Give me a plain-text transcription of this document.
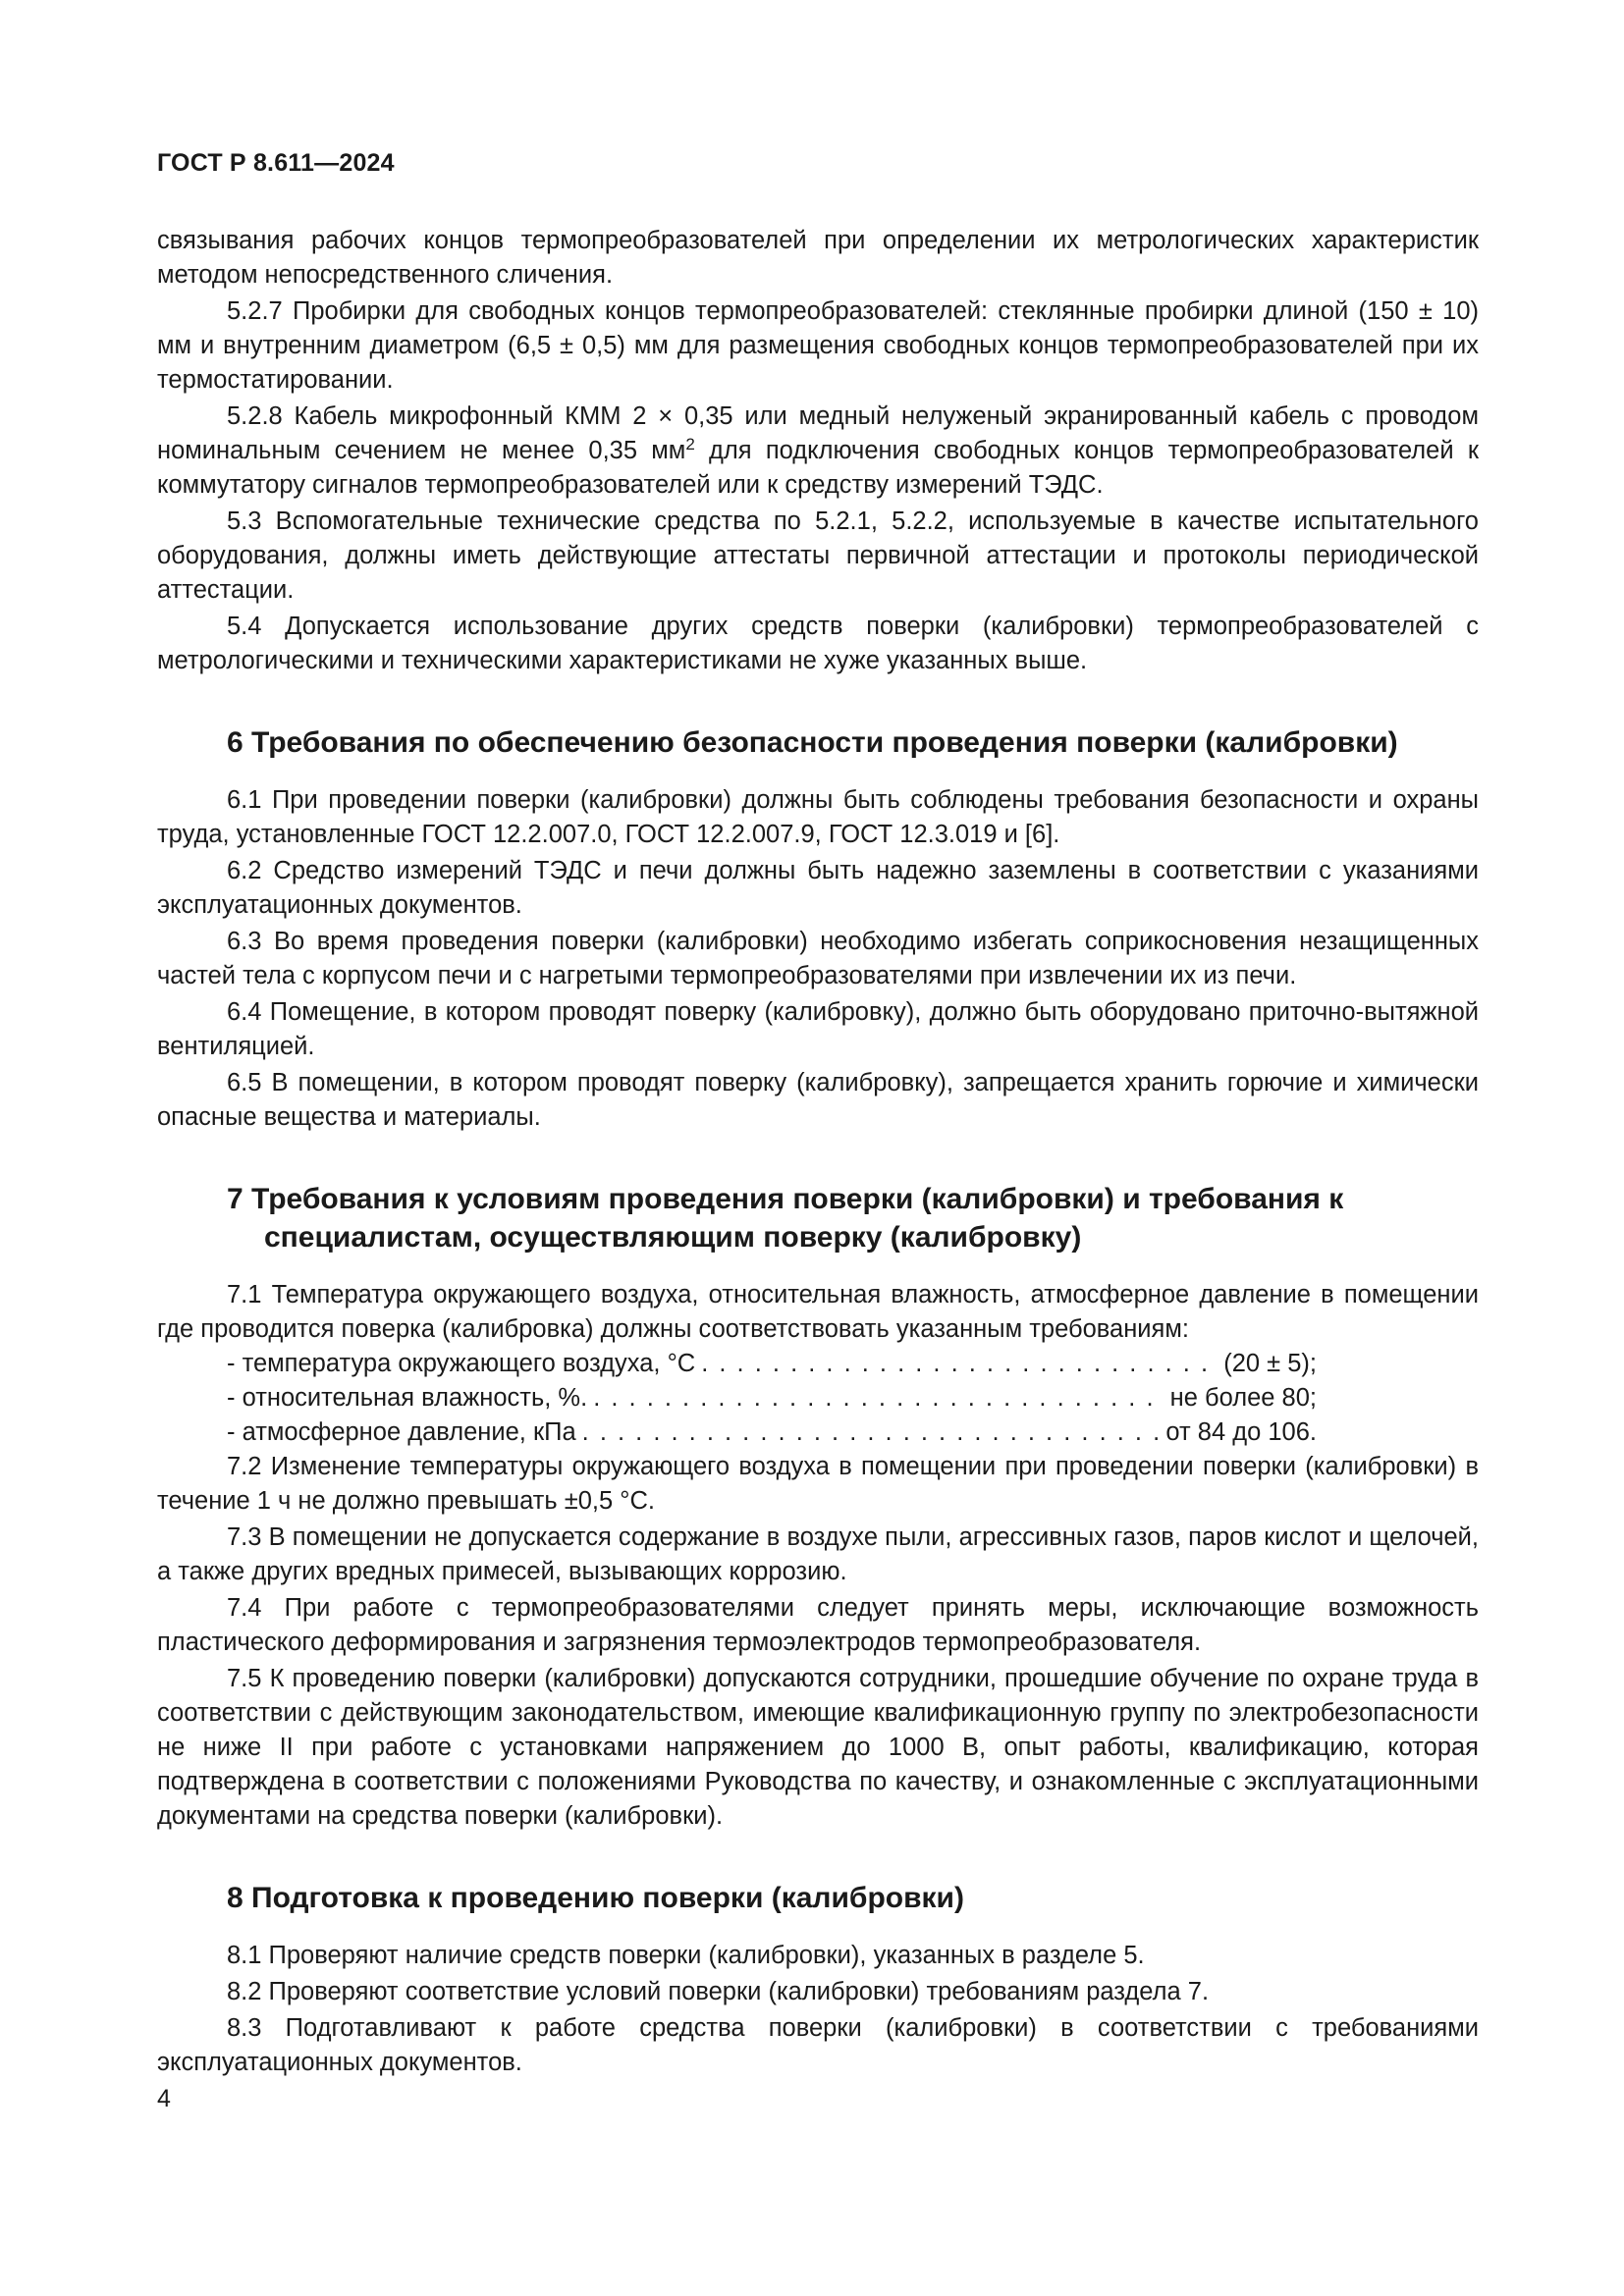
ГОСТ Р 8.611—2024

связывания рабочих концов термопреобразователей при определении их метрологических характеристик методом непосредственного сличения.

5.2.7 Пробирки для свободных концов термопреобразователей: стеклянные пробирки длиной (150 ± 10) мм и внутренним диаметром (6,5 ± 0,5) мм для размещения свободных концов термопреобразователей при их термостатировании.

5.2.8 Кабель микрофонный КММ 2 × 0,35 или медный нелуженый экранированный кабель с проводом номинальным сечением не менее 0,35 $мм^2$ для подключения свободных концов термопреобразователей к коммутатору сигналов термопреобразователей или к средству измерений ТЭДС.

5.3 Вспомогательные технические средства по 5.2.1, 5.2.2, используемые в качестве испытательного оборудования, должны иметь действующие аттестаты первичной аттестации и протоколы периодической аттестации.

5.4 Допускается использование других средств поверки (калибровки) термопреобразователей с метрологическими и техническими характеристиками не хуже указанных выше.

6 Требования по обеспечению безопасности проведения поверки (калибровки)

6.1 При проведении поверки (калибровки) должны быть соблюдены требования безопасности и охраны труда, установленные ГОСТ 12.2.007.0, ГОСТ 12.2.007.9, ГОСТ 12.3.019 и [6].

6.2 Средство измерений ТЭДС и печи должны быть надежно заземлены в соответствии с указаниями эксплуатационных документов.

6.3 Во время проведения поверки (калибровки) необходимо избегать соприкосновения незащищенных частей тела с корпусом печи и с нагретыми термопреобразователями при извлечении их из печи.

6.4 Помещение, в котором проводят поверку (калибровку), должно быть оборудовано приточно-вытяжной вентиляцией.

6.5 В помещении, в котором проводят поверку (калибровку), запрещается хранить горючие и химически опасные вещества и материалы.

7 Требования к условиям проведения поверки (калибровки) и требования к специалистам, осуществляющим поверку (калибровку)

7.1 Температура окружающего воздуха, относительная влажность, атмосферное давление в помещении где проводится поверка (калибровка) должны соответствовать указанным требованиям:

- температура окружающего воздуха, °С . . .	(20 ± 5);
- относительная влажность, %. . . .	не более 80;
- атмосферное давление, кПа . . .	от 84 до 106.

7.2 Изменение температуры окружающего воздуха в помещении при проведении поверки (калибровки) в течение 1 ч не должно превышать ±0,5 °С.

7.3 В помещении не допускается содержание в воздухе пыли, агрессивных газов, паров кислот и щелочей, а также других вредных примесей, вызывающих коррозию.

7.4 При работе с термопреобразователями следует принять меры, исключающие возможность пластического деформирования и загрязнения термоэлектродов термопреобразователя.

7.5 К проведению поверки (калибровки) допускаются сотрудники, прошедшие обучение по охране труда в соответствии с действующим законодательством, имеющие квалификационную группу по электробезопасности не ниже II при работе с установками напряжением до 1000 В, опыт работы, квалификацию, которая подтверждена в соответствии с положениями Руководства по качеству, и ознакомленные с эксплуатационными документами на средства поверки (калибровки).

8 Подготовка к проведению поверки (калибровки)

8.1 Проверяют наличие средств поверки (калибровки), указанных в разделе 5.

8.2 Проверяют соответствие условий поверки (калибровки) требованиям раздела 7.

8.3 Подготавливают к работе средства поверки (калибровки) в соответствии с требованиями эксплуатационных документов.

4
